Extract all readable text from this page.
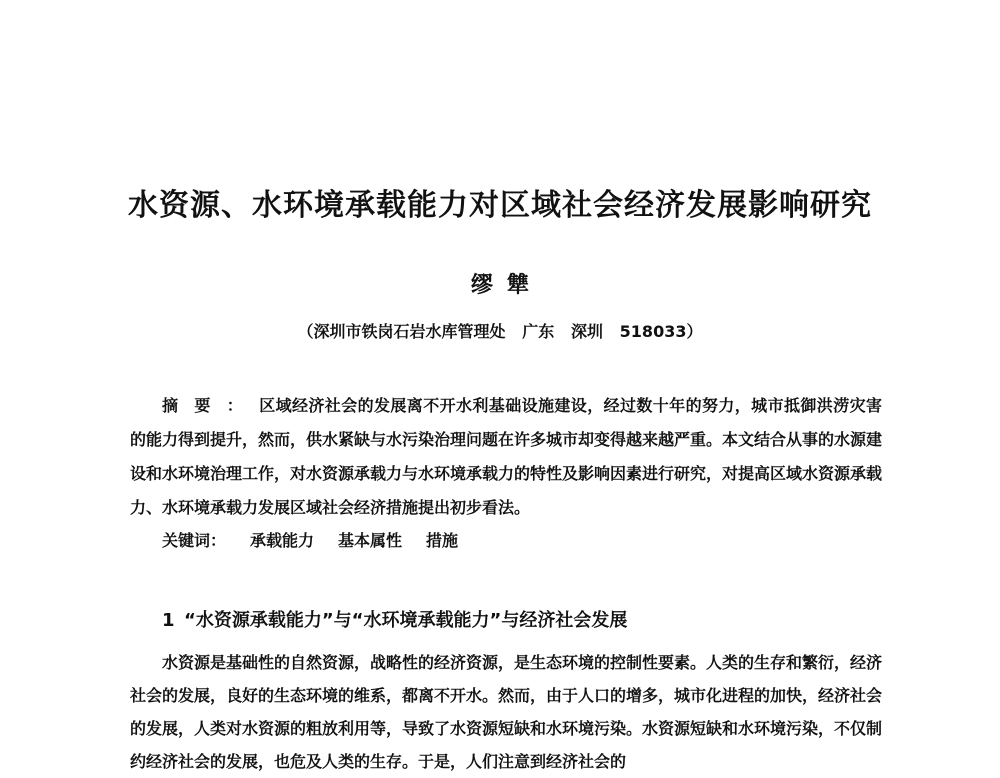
水资源、水环境承载能力对区域社会经济发展影响研究
缪犨
（深圳市铁岗石岩水库管理处   广东   深圳   518033）
摘要：区域经济社会的发展离不开水利基础设施建设，经过数十年的努力，城市抵御洪涝灾害的能力得到提升，然而，供水紧缺与水污染治理问题在许多城市却变得越来越严重。本文结合从事的水源建设和水环境治理工作，对水资源承载力与水环境承载力的特性及影响因素进行研究，对提高区域水资源承载力、水环境承载力发展区域社会经济措施提出初步看法。
关键词： 承载能力 基本属性 措施
1 “水资源承载能力”与“水环境承载能力”与经济社会发展
水资源是基础性的自然资源，战略性的经济资源，是生态环境的控制性要素。人类的生存和繁衍，经济社会的发展，良好的生态环境的维系，都离不开水。然而，由于人口的增多，城市化进程的加快，经济社会的发展，人类对水资源的粗放利用等，导致了水资源短缺和水环境污染。水资源短缺和水环境污染，不仅制约经济社会的发展，也危及人类的生存。于是，人们注意到经济社会的
